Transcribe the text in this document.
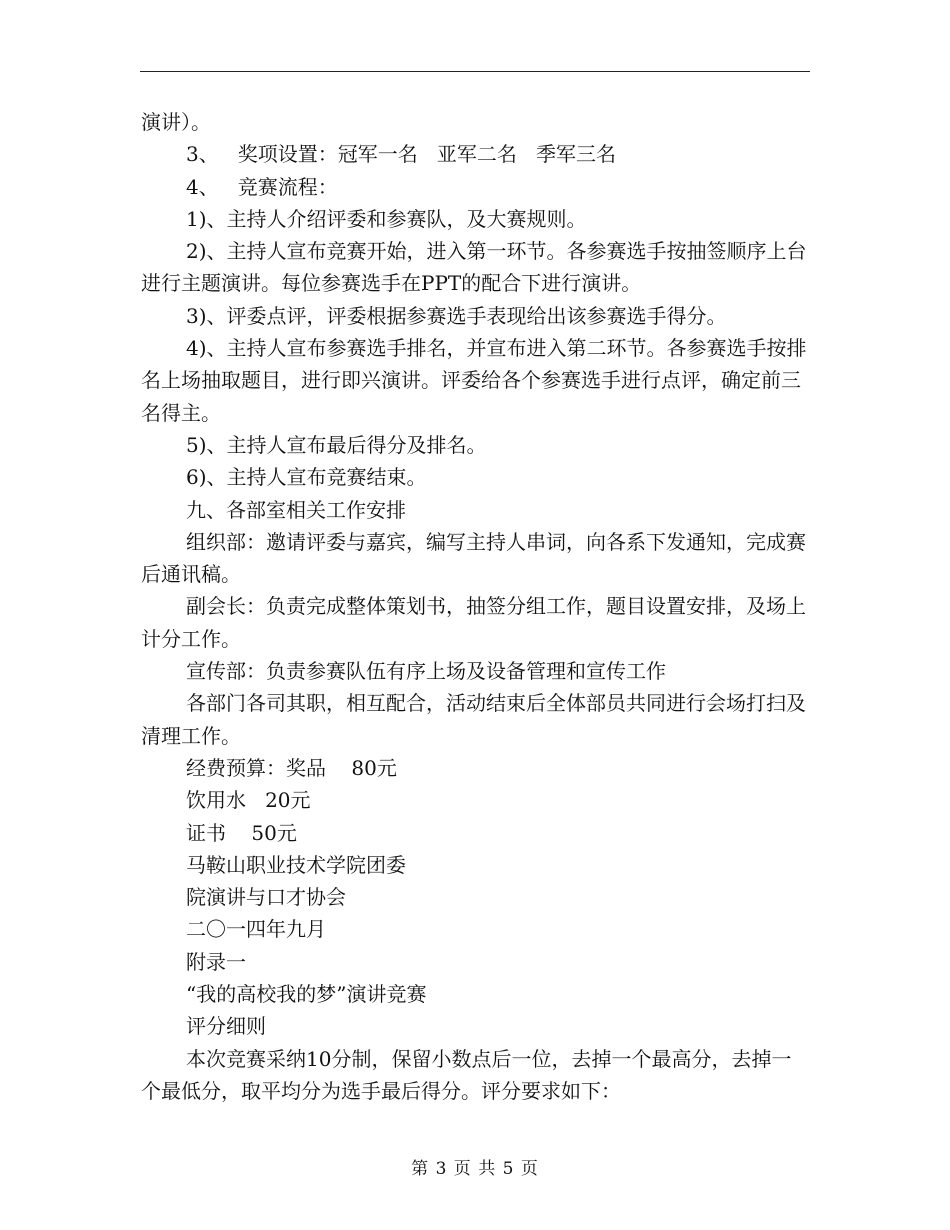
演讲）。

3、   奖项设置：冠军一名   亚军二名   季军三名

4、   竞赛流程：

1)、主持人介绍评委和参赛队，及大赛规则。

2)、主持人宣布竞赛开始，进入第一环节。各参赛选手按抽签顺序上台进行主题演讲。每位参赛选手在PPT的配合下进行演讲。

3)、评委点评，评委根据参赛选手表现给出该参赛选手得分。

4)、主持人宣布参赛选手排名，并宣布进入第二环节。各参赛选手按排名上场抽取题目，进行即兴演讲。评委给各个参赛选手进行点评，确定前三名得主。

5)、主持人宣布最后得分及排名。

6)、主持人宣布竞赛结束。

九、各部室相关工作安排

组织部：邀请评委与嘉宾，编写主持人串词，向各系下发通知，完成赛后通讯稿。

副会长：负责完成整体策划书，抽签分组工作，题目设置安排，及场上计分工作。

宣传部：负责参赛队伍有序上场及设备管理和宣传工作

各部门各司其职，相互配合，活动结束后全体部员共同进行会场打扫及清理工作。

经费预算：奖品    80元

饮用水   20元

证书    50元

马鞍山职业技术学院团委

院演讲与口才协会

二〇一四年九月

附录一

“我的高校我的梦”演讲竞赛

评分细则

本次竞赛采纳10分制，保留小数点后一位，去掉一个最高分，去掉一个最低分，取平均分为选手最后得分。评分要求如下：

第 3 页 共 5 页
